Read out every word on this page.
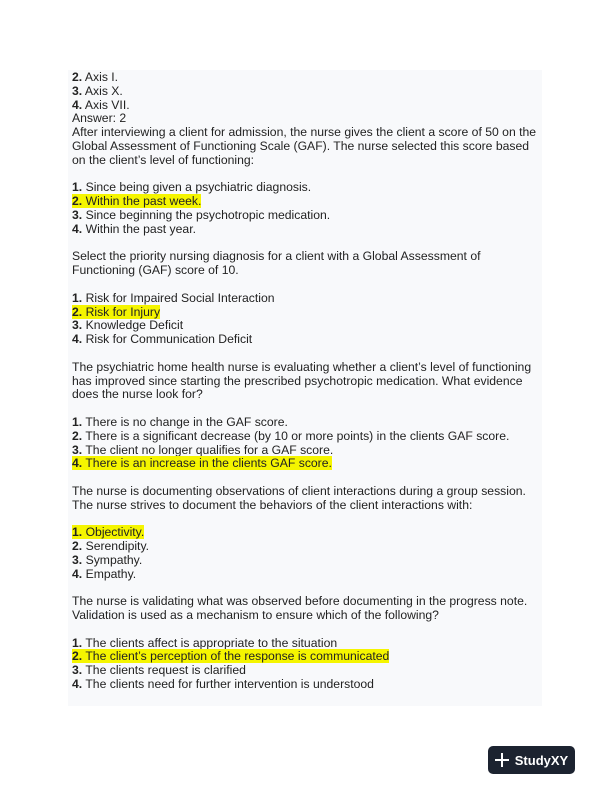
2. Axis I.
3. Axis X.
4. Axis VII.
Answer: 2
After interviewing a client for admission, the nurse gives the client a score of 50 on the Global Assessment of Functioning Scale (GAF). The nurse selected this score based on the client’s level of functioning:
1. Since being given a psychiatric diagnosis.
2. Within the past week.
3. Since beginning the psychotropic medication.
4. Within the past year.
Select the priority nursing diagnosis for a client with a Global Assessment of Functioning (GAF) score of 10.
1. Risk for Impaired Social Interaction
2. Risk for Injury
3. Knowledge Deficit
4. Risk for Communication Deficit
The psychiatric home health nurse is evaluating whether a client’s level of functioning has improved since starting the prescribed psychotropic medication. What evidence does the nurse look for?
1. There is no change in the GAF score.
2. There is a significant decrease (by 10 or more points) in the clients GAF score.
3. The client no longer qualifies for a GAF score.
4. There is an increase in the clients GAF score.
The nurse is documenting observations of client interactions during a group session. The nurse strives to document the behaviors of the client interactions with:
1. Objectivity.
2. Serendipity.
3. Sympathy.
4. Empathy.
The nurse is validating what was observed before documenting in the progress note. Validation is used as a mechanism to ensure which of the following?
1. The clients affect is appropriate to the situation
2. The client’s perception of the response is communicated
3. The clients request is clarified
4. The clients need for further intervention is understood
StudyXY
